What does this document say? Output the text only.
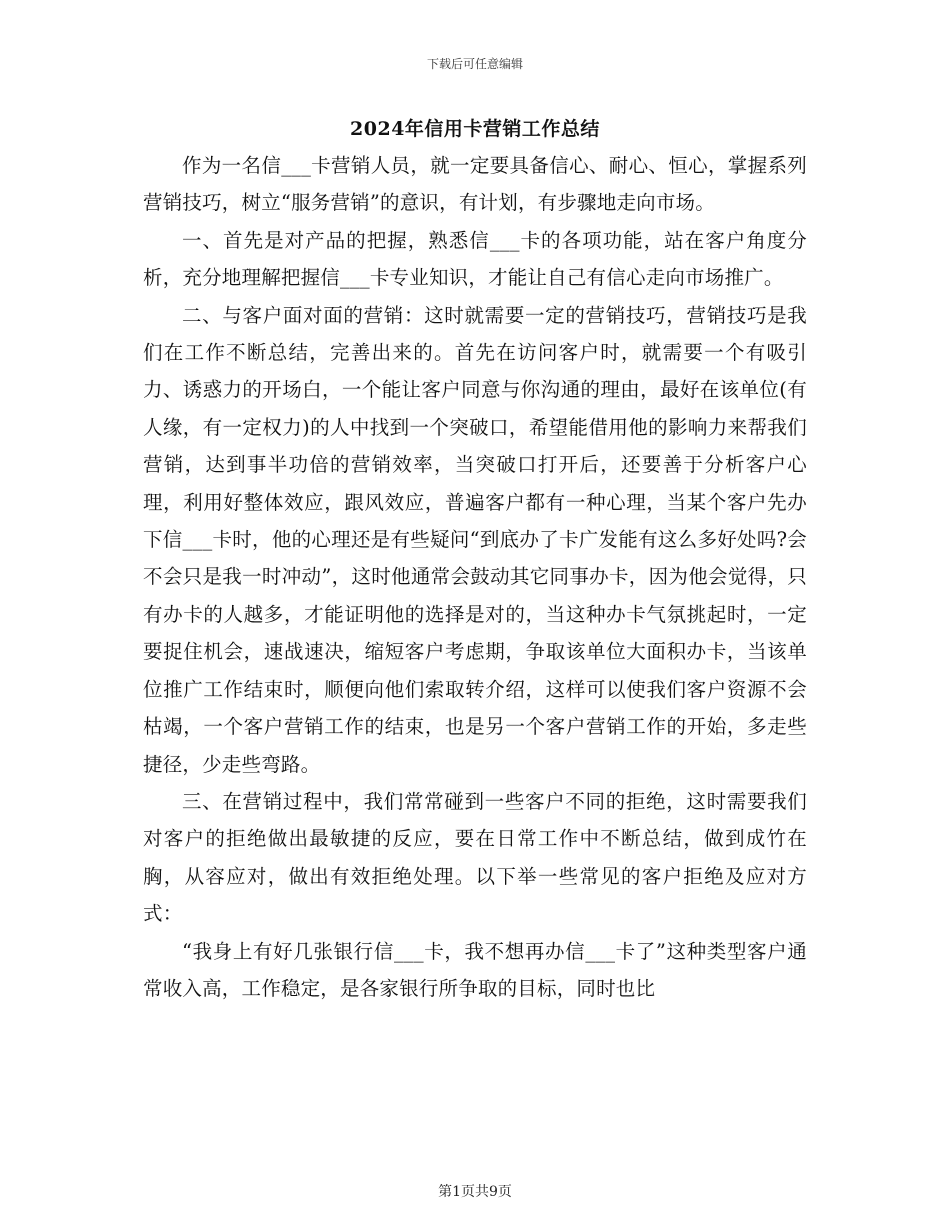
下载后可任意编辑
2024年信用卡营销工作总结

作为一名信___卡营销人员，就一定要具备信心、耐心、恒心，掌握系列营销技巧，树立“服务营销”的意识，有计划，有步骤地走向市场。

一、首先是对产品的把握，熟悉信___卡的各项功能，站在客户角度分析，充分地理解把握信___卡专业知识，才能让自己有信心走向市场推广。

二、与客户面对面的营销：这时就需要一定的营销技巧，营销技巧是我们在工作不断总结，完善出来的。首先在访问客户时，就需要一个有吸引力、诱惑力的开场白，一个能让客户同意与你沟通的理由，最好在该单位(有人缘，有一定权力)的人中找到一个突破口，希望能借用他的影响力来帮我们营销，达到事半功倍的营销效率，当突破口打开后，还要善于分析客户心理，利用好整体效应，跟风效应，普遍客户都有一种心理，当某个客户先办下信___卡时，他的心理还是有些疑问“到底办了卡广发能有这么多好处吗?会不会只是我一时冲动”，这时他通常会鼓动其它同事办卡，因为他会觉得，只有办卡的人越多，才能证明他的选择是对的，当这种办卡气氛挑起时，一定要捉住机会，速战速决，缩短客户考虑期，争取该单位大面积办卡，当该单位推广工作结束时，顺便向他们索取转介绍，这样可以使我们客户资源不会枯竭，一个客户营销工作的结束，也是另一个客户营销工作的开始，多走些捷径，少走些弯路。

三、在营销过程中，我们常常碰到一些客户不同的拒绝，这时需要我们对客户的拒绝做出最敏捷的反应，要在日常工作中不断总结，做到成竹在胸，从容应对，做出有效拒绝处理。以下举一些常见的客户拒绝及应对方式：

“我身上有好几张银行信___卡，我不想再办信___卡了”这种类型客户通常收入高，工作稳定，是各家银行所争取的目标，同时也比

第1页共9页
